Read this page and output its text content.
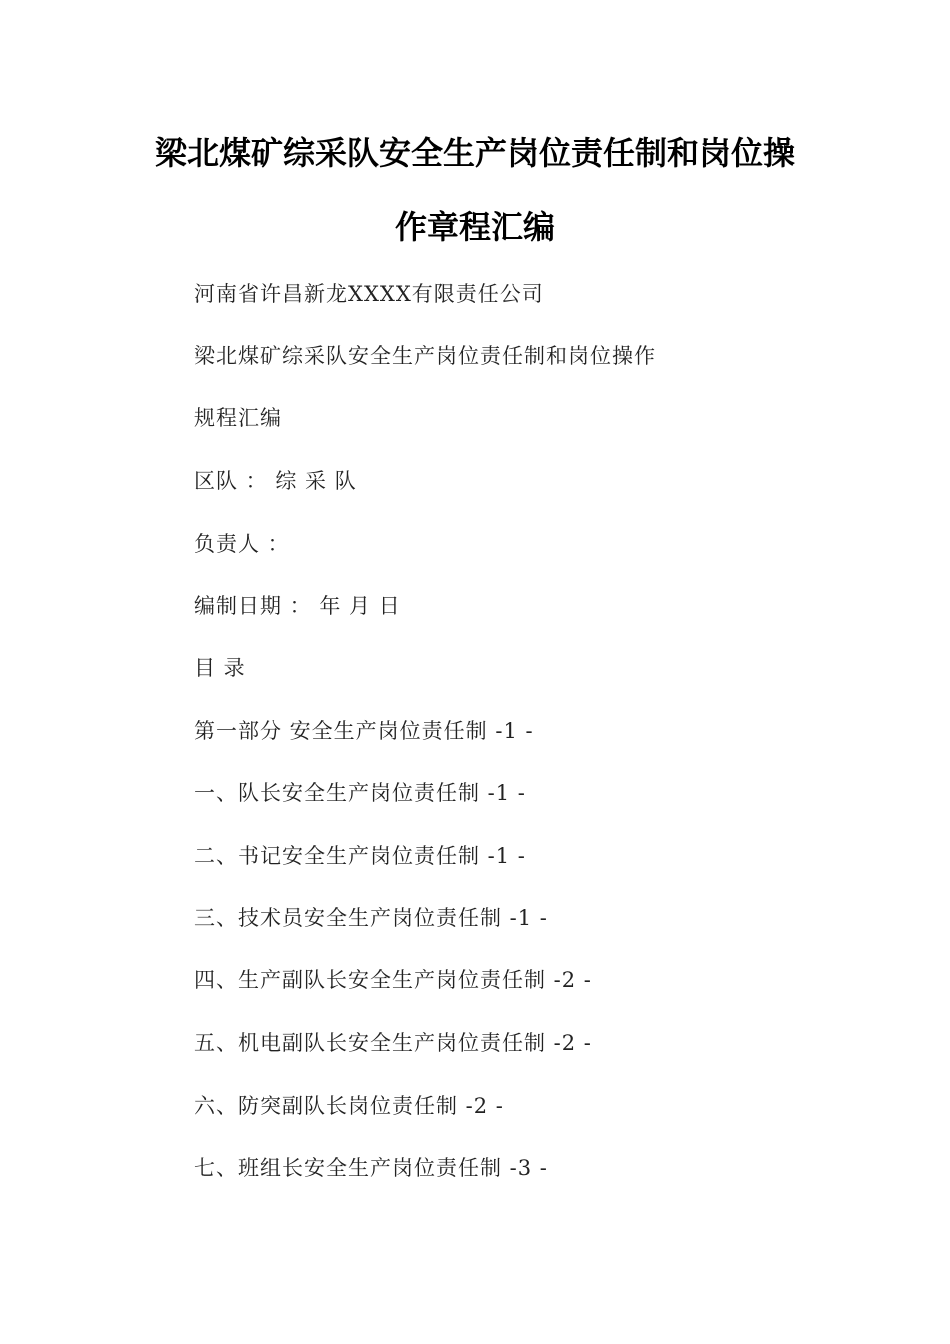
梁北煤矿综采队安全生产岗位责任制和岗位操
作章程汇编
河南省许昌新龙XXXX有限责任公司
梁北煤矿综采队安全生产岗位责任制和岗位操作
规程汇编
区队 ： 综 采 队
负责人 ：
编制日期 ： 年 月 日
目 录
第一部分 安全生产岗位责任制 -1 -
一、队长安全生产岗位责任制 -1 -
二、书记安全生产岗位责任制 -1 -
三、技术员安全生产岗位责任制 -1 -
四、生产副队长安全生产岗位责任制 -2 -
五、机电副队长安全生产岗位责任制 -2 -
六、防突副队长岗位责任制 -2 -
七、班组长安全生产岗位责任制 -3 -
